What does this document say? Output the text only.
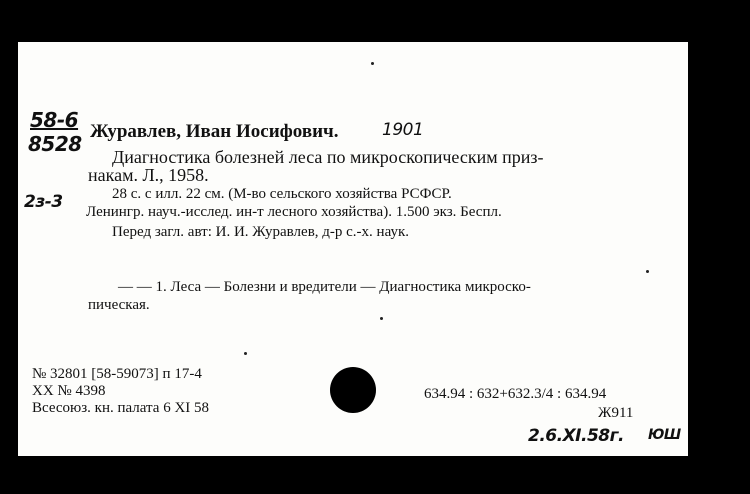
58-6
8528
2з-3
Журавлев, Иван Иосифович.	1901
Диагностика болезней леса по микроскопическим приз-
накам. Л., 1958.
28 с. с илл. 22 см. (М-во сельского хозяйства РСФСР.
Ленингр. науч.-исслед. ин-т лесного хозяйства). 1.500 экз. Беспл.
Перед загл. авт: И. И. Журавлев, д-р с.-х. наук.
— — 1. Леса — Болезни и вредители — Диагностика микроско-
пическая.
№ 32801 [58-59073] п 17-4
XX № 4398
Всесоюз. кн. палата 6 XI 58
634.94 : 632+632.3/4 : 634.94
Ж911
2.6.XI.58г. ЮШ
